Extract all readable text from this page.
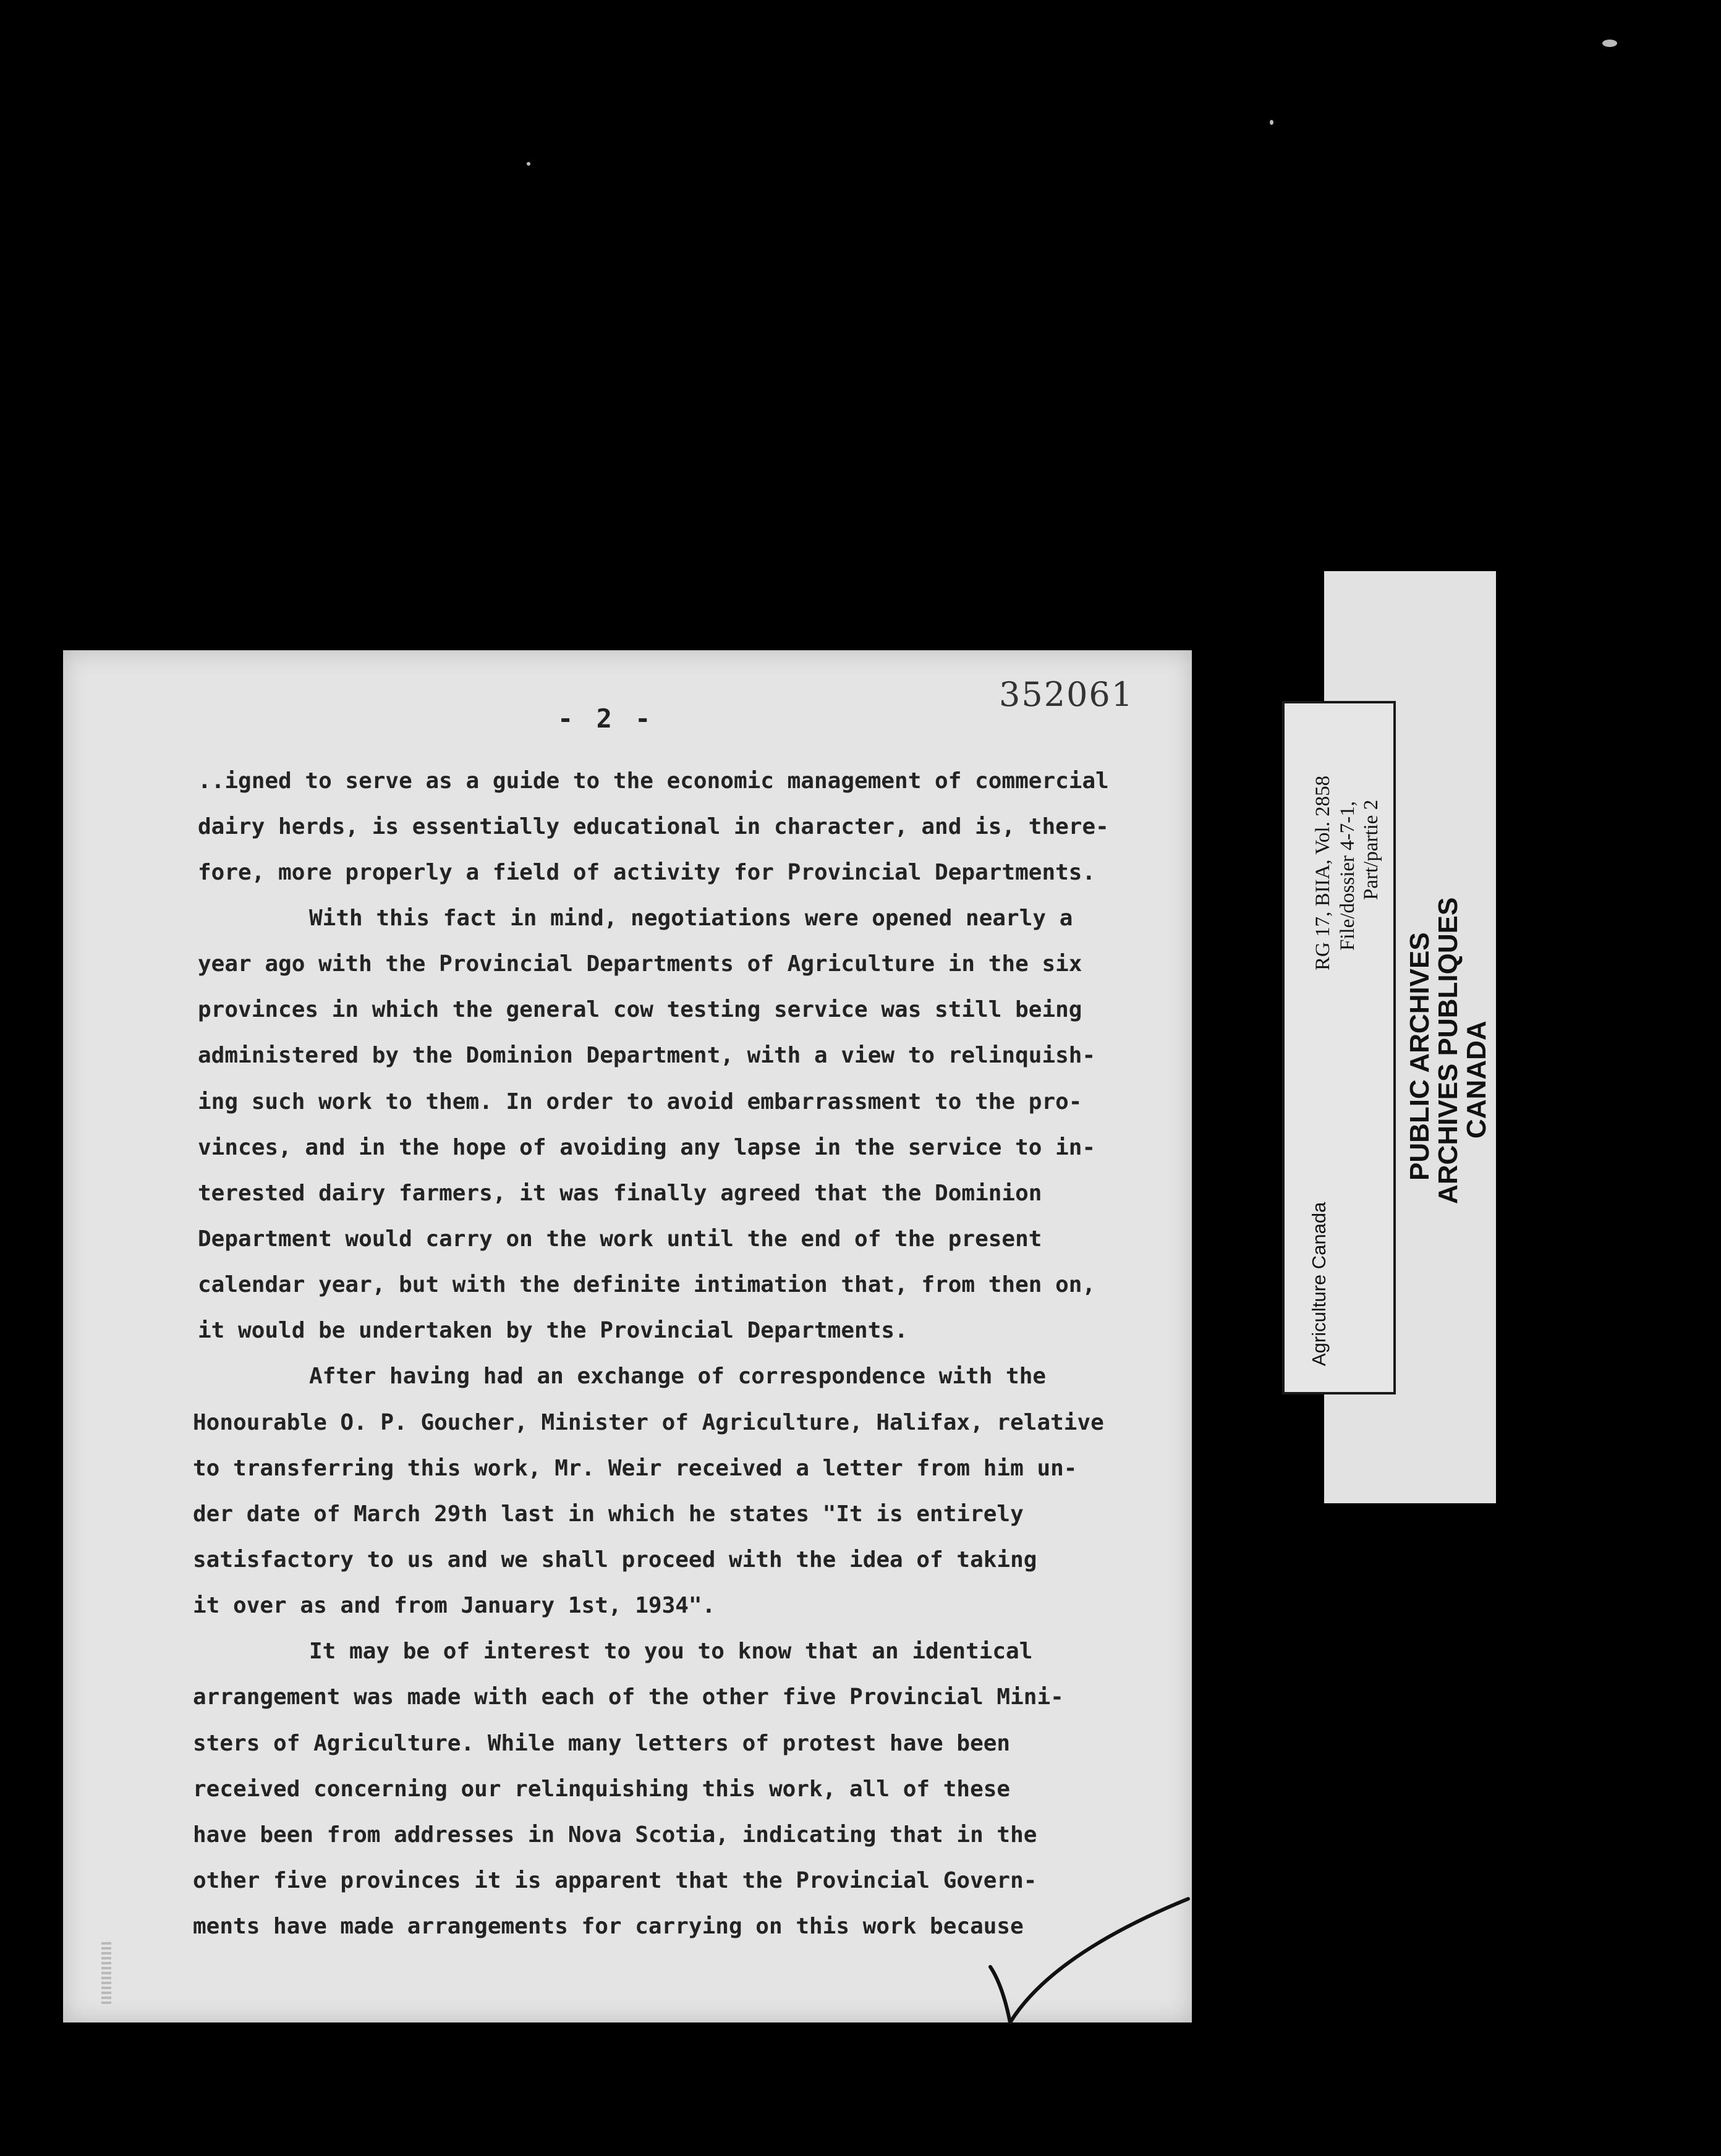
352061
- 2 -
..igned to serve as a guide to the economic management of commercial
dairy herds, is essentially educational in character, and is, there-
fore, more properly a field of activity for Provincial Departments.
With this fact in mind, negotiations were opened nearly a
year ago with the Provincial Departments of Agriculture in the six
provinces in which the general cow testing service was still being
administered by the Dominion Department, with a view to relinquish-
ing such work to them. In order to avoid embarrassment to the pro-
vinces, and in the hope of avoiding any lapse in the service to in-
terested dairy farmers, it was finally agreed that the Dominion
Department would carry on the work until the end of the present
calendar year, but with the definite intimation that, from then on,
it would be undertaken by the Provincial Departments.
After having had an exchange of correspondence with the
Honourable O. P. Goucher, Minister of Agriculture, Halifax, relative
to transferring this work, Mr. Weir received a letter from him un-
der date of March 29th last in which he states "It is entirely
satisfactory to us and we shall proceed with the idea of taking
it over as and from January 1st, 1934".
It may be of interest to you to know that an identical
arrangement was made with each of the other five Provincial Mini-
sters of Agriculture. While many letters of protest have been
received concerning our relinquishing this work, all of these
have been from addresses in Nova Scotia, indicating that in the
other five provinces it is apparent that the Provincial Govern-
ments have made arrangements for carrying on this work because
PUBLIC ARCHIVES
ARCHIVES PUBLIQUES
CANADA
Agriculture Canada
RG 17, BIIA, Vol. 2858 File/dossier 4-7-1, Part/partie 2
